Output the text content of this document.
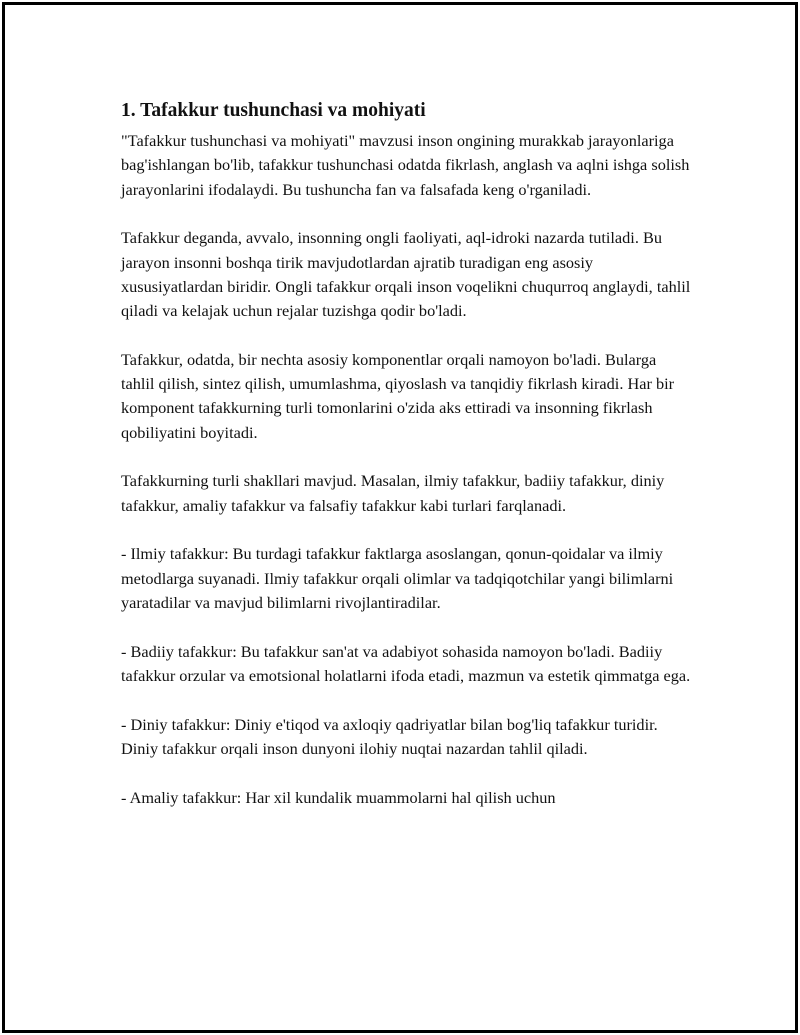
1. Tafakkur tushunchasi va mohiyati

"Tafakkur tushunchasi va mohiyati" mavzusi inson ongining murakkab jarayonlariga bag'ishlangan bo'lib, tafakkur tushunchasi odatda fikrlash, anglash va aqlni ishga solish jarayonlarini ifodalaydi. Bu tushuncha fan va falsafada keng o'rganiladi.

Tafakkur deganda, avvalo, insonning ongli faoliyati, aql-idroki nazarda tutiladi. Bu jarayon insonni boshqa tirik mavjudotlardan ajratib turadigan eng asosiy xususiyatlardan biridir. Ongli tafakkur orqali inson voqelikni chuqurroq anglaydi, tahlil qiladi va kelajak uchun rejalar tuzishga qodir bo'ladi.

Tafakkur, odatda, bir nechta asosiy komponentlar orqali namoyon bo'ladi. Bularga tahlil qilish, sintez qilish, umumlashma, qiyoslash va tanqidiy fikrlash kiradi. Har bir komponent tafakkurning turli tomonlarini o'zida aks ettiradi va insonning fikrlash qobiliyatini boyitadi.

Tafakkurning turli shakllari mavjud. Masalan, ilmiy tafakkur, badiiy tafakkur, diniy tafakkur, amaliy tafakkur va falsafiy tafakkur kabi turlari farqlanadi.

- Ilmiy tafakkur: Bu turdagi tafakkur faktlarga asoslangan, qonun-qoidalar va ilmiy metodlarga suyanadi. Ilmiy tafakkur orqali olimlar va tadqiqotchilar yangi bilimlarni yaratadilar va mavjud bilimlarni rivojlantiradilar.

- Badiiy tafakkur: Bu tafakkur san'at va adabiyot sohasida namoyon bo'ladi. Badiiy tafakkur orzular va emotsional holatlarni ifoda etadi, mazmun va estetik qimmatga ega.

- Diniy tafakkur: Diniy e'tiqod va axloqiy qadriyatlar bilan bog'liq tafakkur turidir. Diniy tafakkur orqali inson dunyoni ilohiy nuqtai nazardan tahlil qiladi.

- Amaliy tafakkur: Har xil kundalik muammolarni hal qilish uchun
